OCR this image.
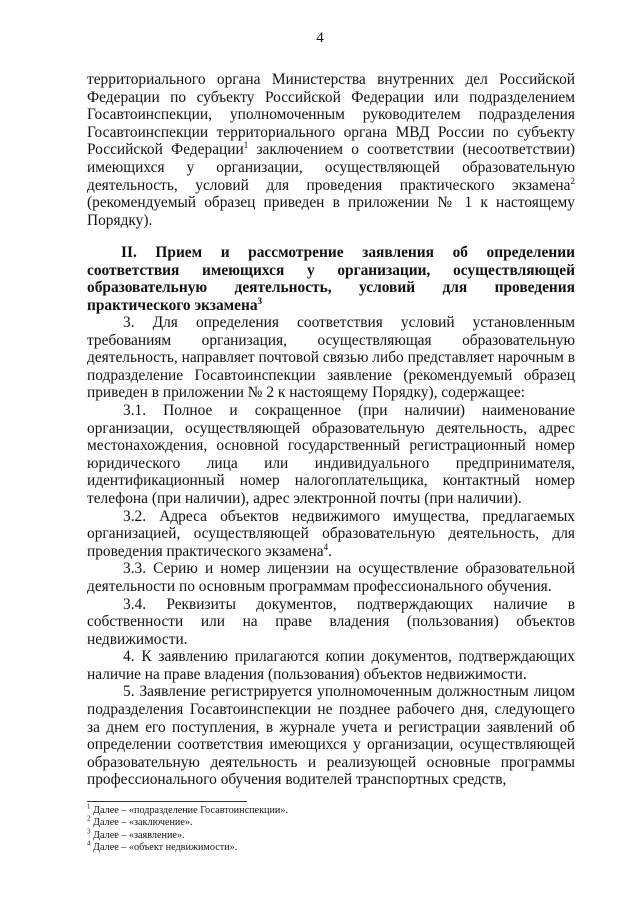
4

территориального органа Министерства внутренних дел Российской Федерации по субъекту Российской Федерации или подразделением Госавтоинспекции, уполномоченным руководителем подразделения Госавтоинспекции территориального органа МВД России по субъекту Российской Федерации$^1$ заключением о соответствии (несоответствии) имеющихся у организации, осуществляющей образовательную деятельность, условий для проведения практического экзамена$^2$ (рекомендуемый образец приведен в приложении № 1 к настоящему Порядку).

II. Прием и рассмотрение заявления об определении соответствия имеющихся у организации, осуществляющей образовательную деятельность, условий для проведения практического экзамена$^3$

3. Для определения соответствия условий установленным требованиям организация, осуществляющая образовательную деятельность, направляет почтовой связью либо представляет нарочным в подразделение Госавтоинспекции заявление (рекомендуемый образец приведен в приложении № 2 к настоящему Порядку), содержащее:

3.1. Полное и сокращенное (при наличии) наименование организации, осуществляющей образовательную деятельность, адрес местонахождения, основной государственный регистрационный номер юридического лица или индивидуального предпринимателя, идентификационный номер налогоплательщика, контактный номер телефона (при наличии), адрес электронной почты (при наличии).

3.2. Адреса объектов недвижимого имущества, предлагаемых организацией, осуществляющей образовательную деятельность, для проведения практического экзамена$^4$.

3.3. Серию и номер лицензии на осуществление образовательной деятельности по основным программам профессионального обучения.

3.4. Реквизиты документов, подтверждающих наличие в собственности или на праве владения (пользования) объектов недвижимости.

4. К заявлению прилагаются копии документов, подтверждающих наличие на праве владения (пользования) объектов недвижимости.

5. Заявление регистрируется уполномоченным должностным лицом подразделения Госавтоинспекции не позднее рабочего дня, следующего за днем его поступления, в журнале учета и регистрации заявлений об определении соответствия имеющихся у организации, осуществляющей образовательную деятельность и реализующей основные программы профессионального обучения водителей транспортных средств,

$^1$ Далее – «подразделение Госавтоинспекции».
$^2$ Далее – «заключение».
$^3$ Далее – «заявление».
$^4$ Далее – «объект недвижимости».
